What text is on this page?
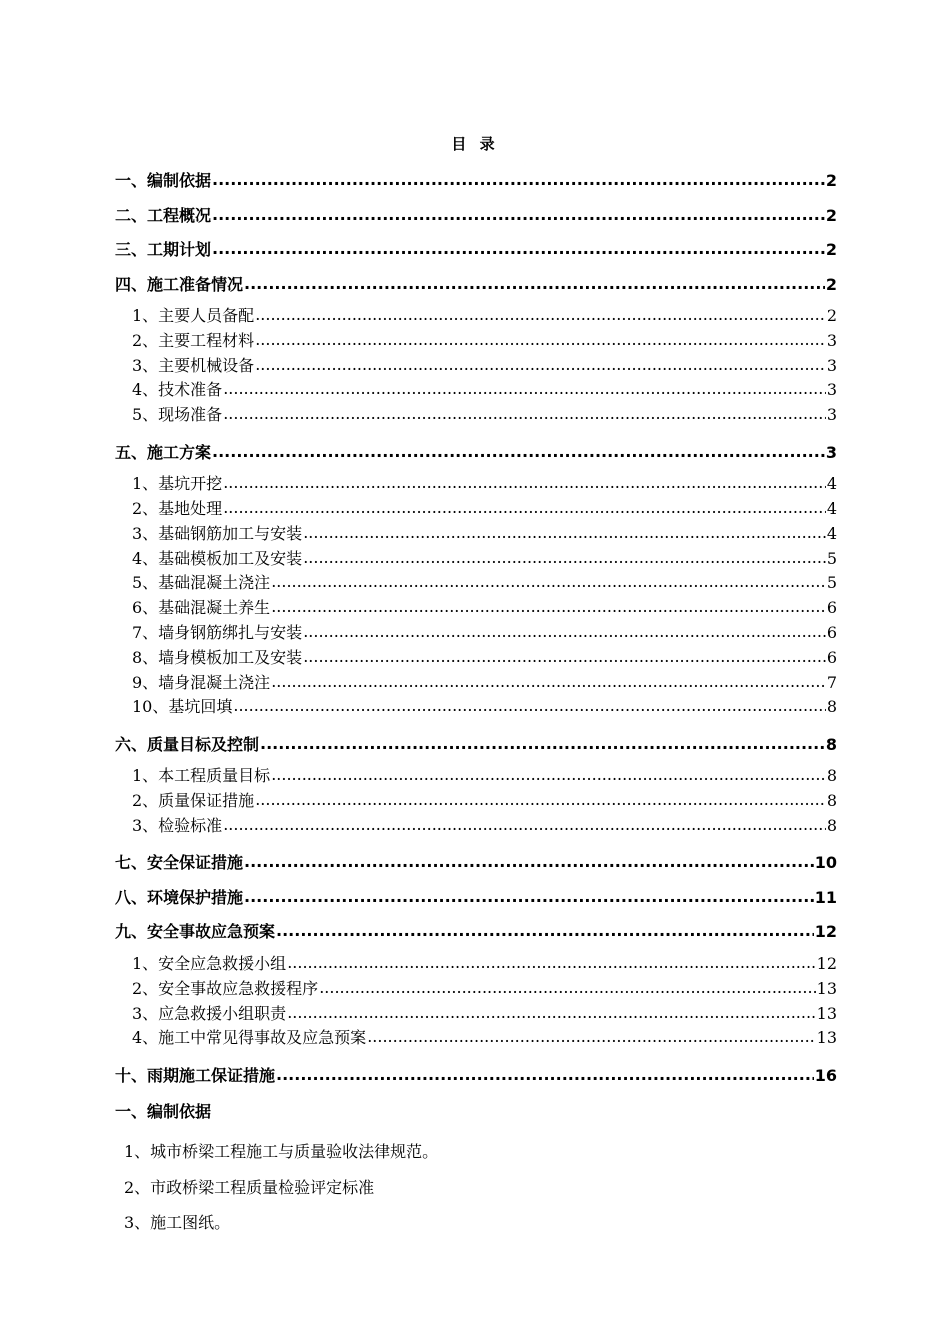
目 录
一、编制依据 .....	2
二、工程概况 .....	2
三、工期计划 .....	2
四、施工准备情况 .....	2
1、主要人员备配 .....	2
2、主要工程材料 .....	3
3、主要机械设备 .....	3
4、技术准备 .....	3
5、现场准备 .....	3
五、施工方案 .....	3
1、基坑开挖 .....	4
2、基地处理 .....	4
3、基础钢筋加工与安装 .....	4
4、基础模板加工及安装 .....	5
5、基础混凝土浇注 .....	5
6、基础混凝土养生 .....	6
7、墙身钢筋绑扎与安装 .....	6
8、墙身模板加工及安装 .....	6
9、墙身混凝土浇注 .....	7
10、基坑回填 .....	8
六、质量目标及控制 .....	8
1、本工程质量目标 .....	8
2、质量保证措施 .....	8
3、检验标准 .....	8
七、安全保证措施 .....	10
八、环境保护措施 .....	11
九、安全事故应急预案 .....	12
1、安全应急救援小组 .....	12
2、安全事故应急救援程序 .....	13
3、应急救援小组职责 .....	13
4、施工中常见得事故及应急预案 .....	13
十、雨期施工保证措施 .....	16
一、编制依据
1、城市桥梁工程施工与质量验收法律规范。
2、市政桥梁工程质量检验评定标准
3、施工图纸。
